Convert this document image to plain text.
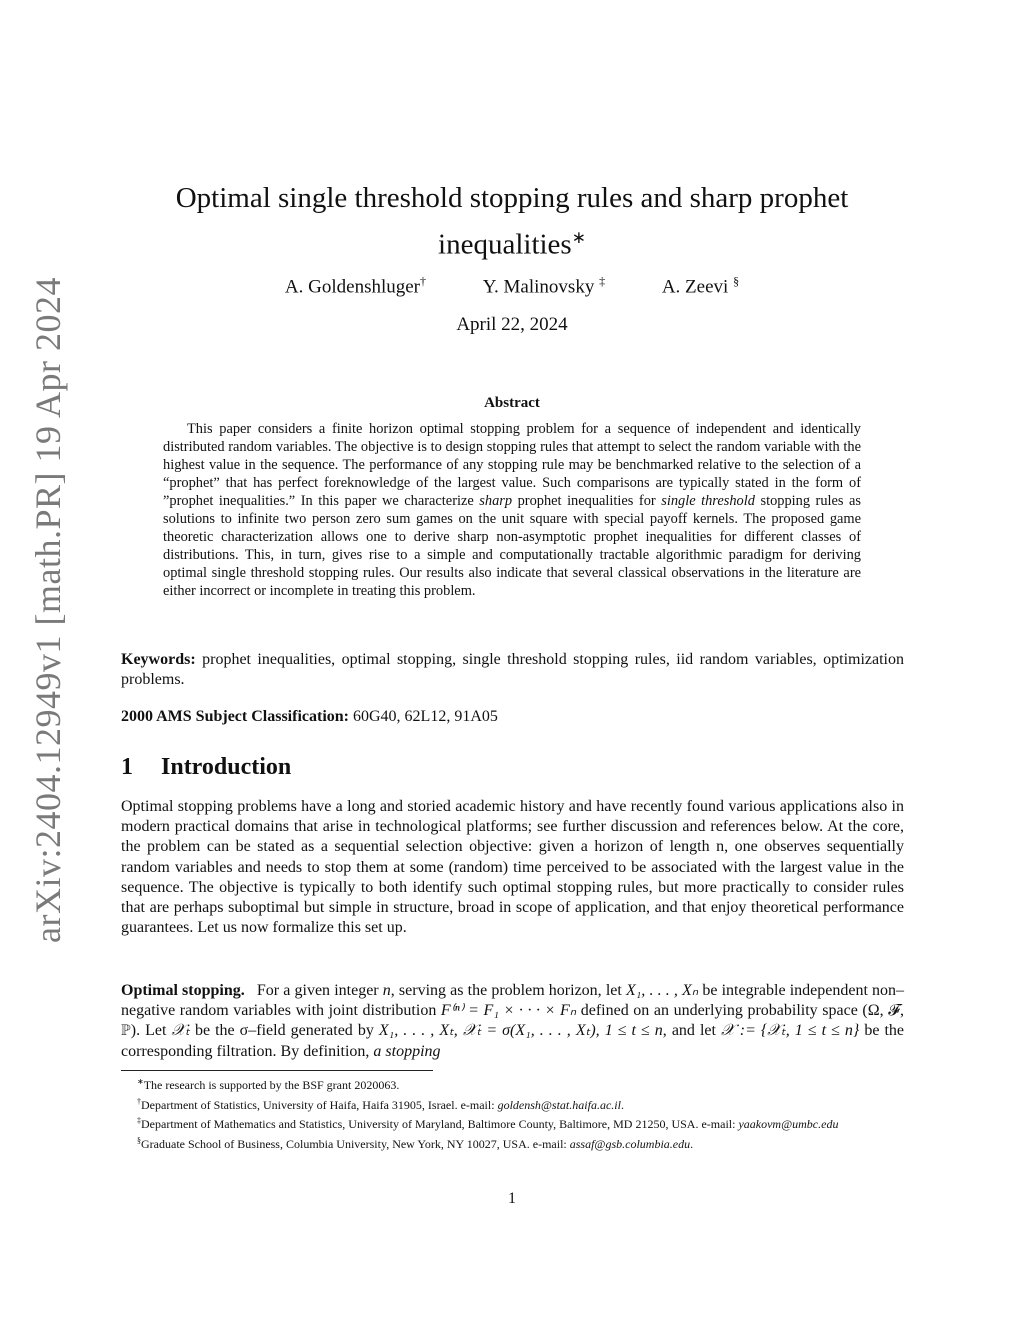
arXiv:2404.12949v1 [math.PR] 19 Apr 2024
Optimal single threshold stopping rules and sharp prophet
inequalities∗
A. Goldenshluger†	Y. Malinovsky ‡	A. Zeevi §
April 22, 2024
Abstract
This paper considers a finite horizon optimal stopping problem for a sequence of independent and identically distributed random variables. The objective is to design stopping rules that attempt to select the random variable with the highest value in the sequence. The performance of any stopping rule may be benchmarked relative to the selection of a “prophet” that has perfect foreknowledge of the largest value. Such comparisons are typically stated in the form of ”prophet inequalities.” In this paper we characterize sharp prophet inequalities for single threshold stopping rules as solutions to infinite two person zero sum games on the unit square with special payoff kernels. The proposed game theoretic characterization allows one to derive sharp non-asymptotic prophet inequalities for different classes of distributions. This, in turn, gives rise to a simple and computationally tractable algorithmic paradigm for deriving optimal single threshold stopping rules. Our results also indicate that several classical observations in the literature are either incorrect or incomplete in treating this problem.
Keywords: prophet inequalities, optimal stopping, single threshold stopping rules, iid random variables, optimization problems.
2000 AMS Subject Classification: 60G40, 62L12, 91A05
1 Introduction
Optimal stopping problems have a long and storied academic history and have recently found various applications also in modern practical domains that arise in technological platforms; see further discussion and references below. At the core, the problem can be stated as a sequential selection objective: given a horizon of length n, one observes sequentially random variables and needs to stop them at some (random) time perceived to be associated with the largest value in the sequence. The objective is typically to both identify such optimal stopping rules, but more practically to consider rules that are perhaps suboptimal but simple in structure, broad in scope of application, and that enjoy theoretical performance guarantees. Let us now formalize this set up.
Optimal stopping. For a given integer n, serving as the problem horizon, let X₁, . . . , Xₙ be integrable independent non–negative random variables with joint distribution F⁽ⁿ⁾ = F₁ × · · · × Fₙ defined on an underlying probability space (Ω, 𝓕, ℙ). Let 𝒳ₜ be the σ–field generated by X₁, . . . , Xₜ, 𝒳ₜ = σ(X₁, . . . , Xₜ), 1 ≤ t ≤ n, and let 𝒳 := {𝒳ₜ, 1 ≤ t ≤ n} be the corresponding filtration. By definition, a stopping
∗The research is supported by the BSF grant 2020063.
†Department of Statistics, University of Haifa, Haifa 31905, Israel. e-mail: goldensh@stat.haifa.ac.il.
‡Department of Mathematics and Statistics, University of Maryland, Baltimore County, Baltimore, MD 21250, USA. e-mail: yaakovm@umbc.edu
§Graduate School of Business, Columbia University, New York, NY 10027, USA. e-mail: assaf@gsb.columbia.edu.
1
